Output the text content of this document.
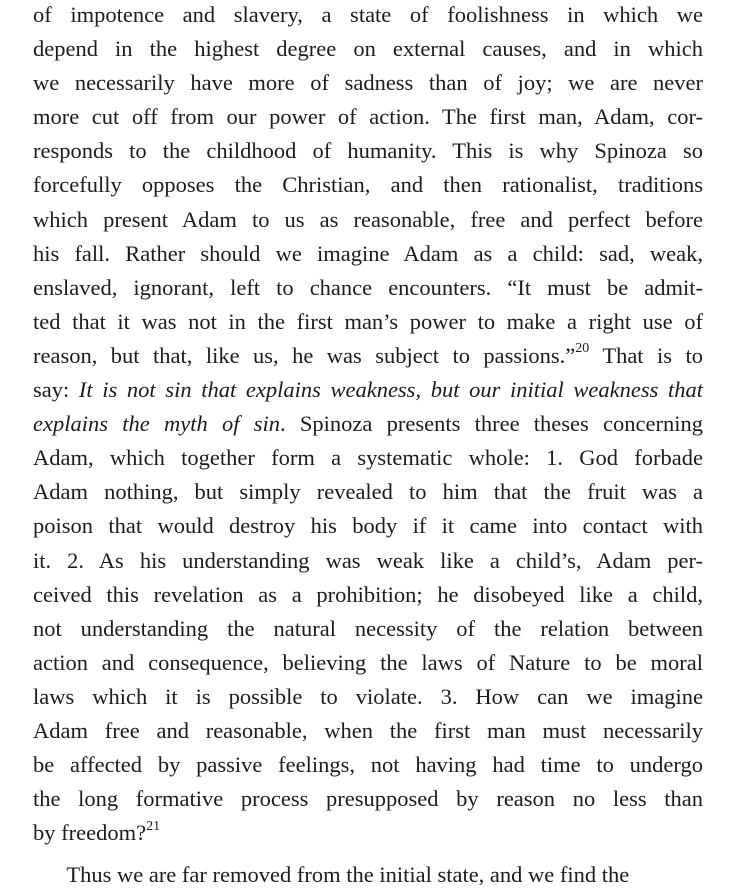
of impotence and slavery, a state of foolishness in which we
depend in the highest degree on external causes, and in which
we necessarily have more of sadness than of joy; we are never
more cut off from our power of action. The first man, Adam, cor-
responds to the childhood of humanity. This is why Spinoza so
forcefully opposes the Christian, and then rationalist, traditions
which present Adam to us as reasonable, free and perfect before
his fall. Rather should we imagine Adam as a child: sad, weak,
enslaved, ignorant, left to chance encounters. “It must be admit-
ted that it was not in the first man’s power to make a right use of
reason, but that, like us, he was subject to passions.”$^{20}$ That is to
say: It is not sin that explains weakness, but our initial weakness that
explains the myth of sin. Spinoza presents three theses concerning
Adam, which together form a systematic whole: 1. God forbade
Adam nothing, but simply revealed to him that the fruit was a
poison that would destroy his body if it came into contact with
it. 2. As his understanding was weak like a child’s, Adam per-
ceived this revelation as a prohibition; he disobeyed like a child,
not understanding the natural necessity of the relation between
action and consequence, believing the laws of Nature to be moral
laws which it is possible to violate. 3. How can we imagine
Adam free and reasonable, when the first man must necessarily
be affected by passive feelings, not having had time to undergo
the long formative process presupposed by reason no less than
by freedom?$^{21}$
Thus we are far removed from the initial state, and we find the
